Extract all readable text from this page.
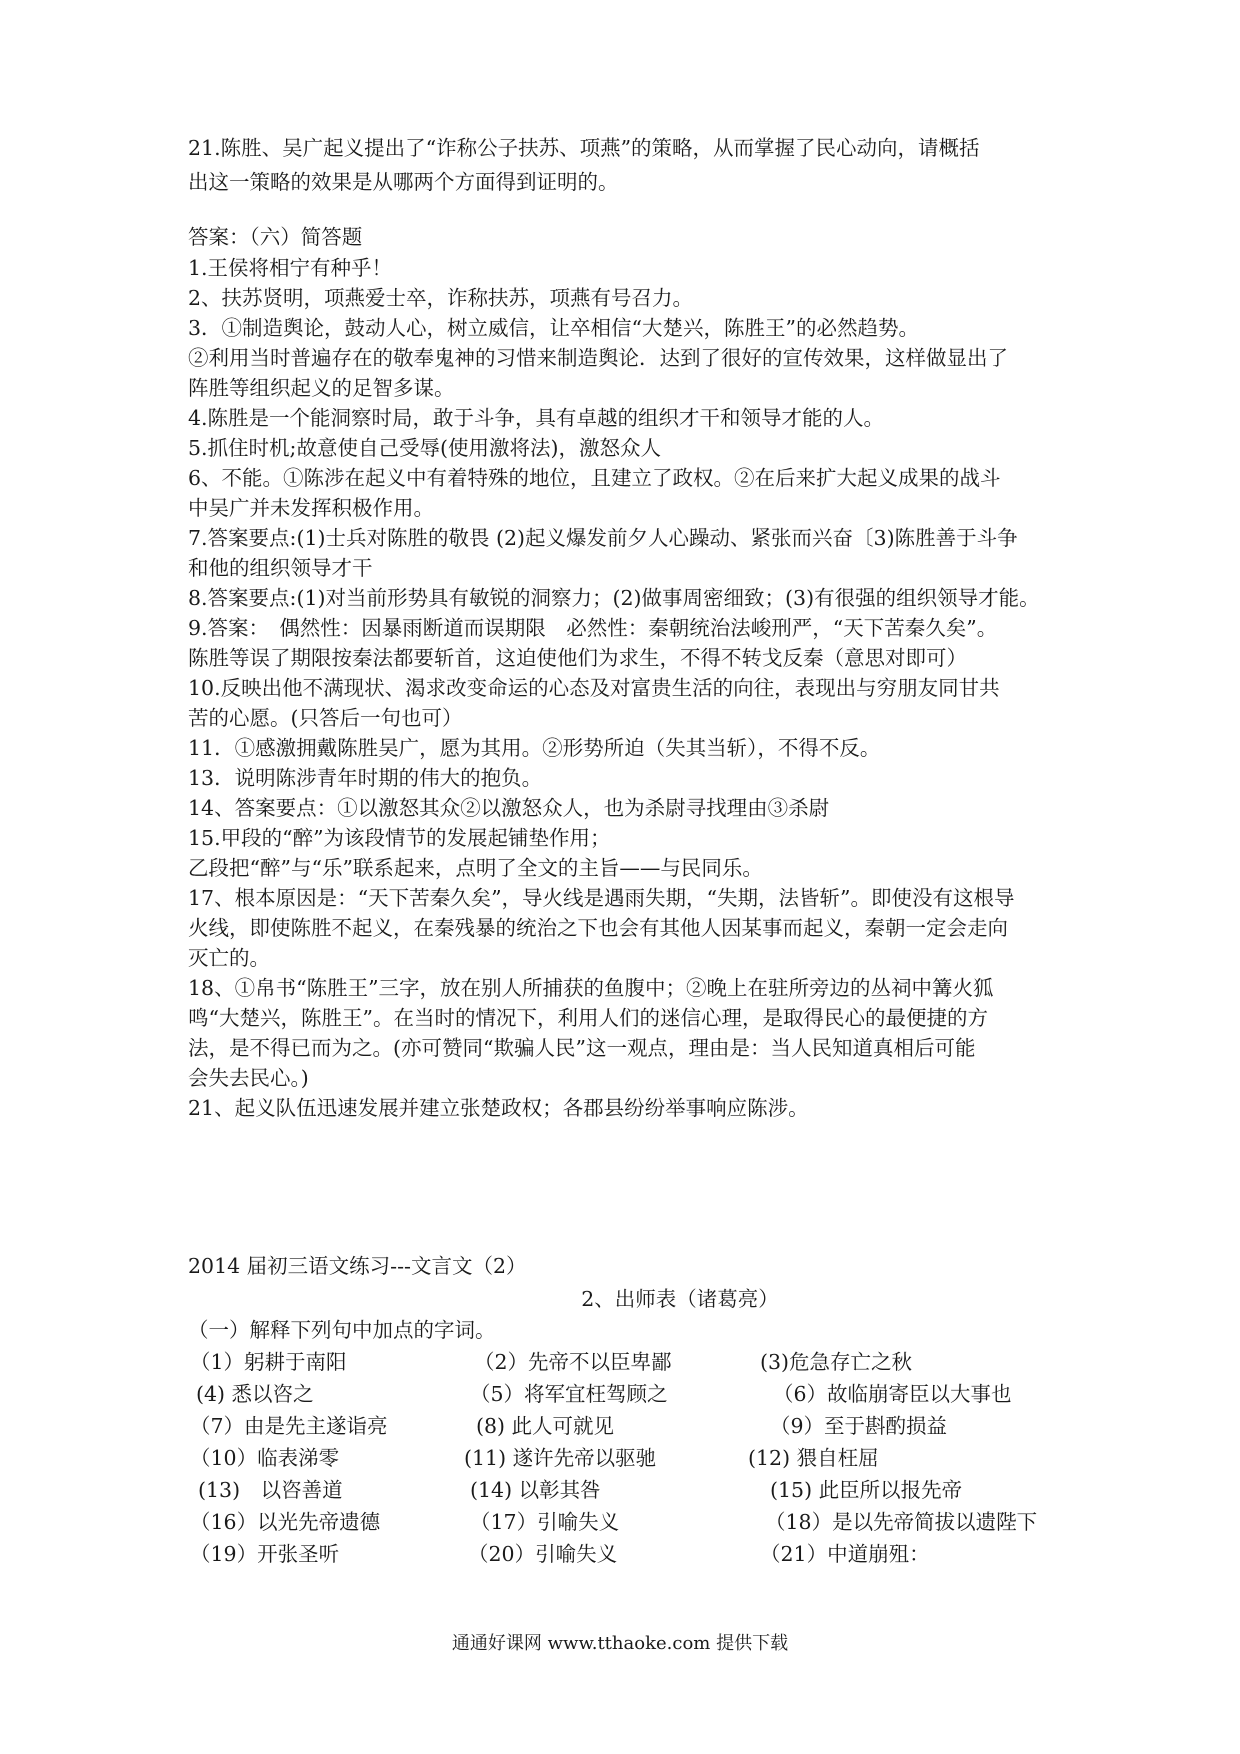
21.陈胜、吴广起义提出了“诈称公子扶苏、项燕”的策略，从而掌握了民心动向，请概括
出这一策略的效果是从哪两个方面得到证明的。
答案：（六）简答题
1.王侯将相宁有种乎！
2、扶苏贤明，项燕爱士卒，诈称扶苏，项燕有号召力。
3．①制造舆论，鼓动人心，树立威信，让卒相信“大楚兴，陈胜王”的必然趋势。
②利用当时普遍存在的敬奉鬼神的习惜来制造舆论．达到了很好的宣传效果，这样做显出了
阵胜等组织起义的足智多谋。
4.陈胜是一个能洞察时局，敢于斗争，具有卓越的组织才干和领导才能的人。
5.抓住时机;故意使自己受辱(使用激将法)，激怒众人
6、不能。①陈涉在起义中有着特殊的地位，且建立了政权。②在后来扩大起义成果的战斗
中吴广并未发挥积极作用。
7.答案要点:(1)士兵对陈胜的敬畏 (2)起义爆发前夕人心躁动、紧张而兴奋〔3)陈胜善于斗争
和他的组织领导才干
8.答案要点:(1)对当前形势具有敏锐的洞察力；(2)做事周密细致；(3)有很强的组织领导才能。
9.答案：　偶然性：因暴雨断道而误期限　必然性：秦朝统治法峻刑严，“天下苦秦久矣”。
陈胜等误了期限按秦法都要斩首，这迫使他们为求生，不得不转戈反秦（意思对即可）
10.反映出他不满现状、渴求改变命运的心态及对富贵生活的向往，表现出与穷朋友同甘共
苦的心愿。(只答后一句也可）
11．①感激拥戴陈胜吴广，愿为其用。②形势所迫（失其当斩），不得不反。
13．说明陈涉青年时期的伟大的抱负。
14、答案要点：①以激怒其众②以激怒众人，也为杀尉寻找理由③杀尉
15.甲段的“醉”为该段情节的发展起铺垫作用；
乙段把“醉”与“乐”联系起来，点明了全文的主旨——与民同乐。
17、根本原因是：“天下苦秦久矣”，导火线是遇雨失期，“失期，法皆斩”。即使没有这根导
火线，即使陈胜不起义，在秦残暴的统治之下也会有其他人因某事而起义，秦朝一定会走向
灭亡的。
18、①帛书“陈胜王”三字，放在别人所捕获的鱼腹中；②晚上在驻所旁边的丛祠中篝火狐
鸣“大楚兴，陈胜王”。在当时的情况下，利用人们的迷信心理，是取得民心的最便捷的方
法，是不得已而为之。(亦可赞同“欺骗人民”这一观点，理由是：当人民知道真相后可能
会失去民心。)
21、起义队伍迅速发展并建立张楚政权；各郡县纷纷举事响应陈涉。
2014 届初三语文练习---文言文（2）
2、出师表（诸葛亮）
（一）解释下列句中加点的字词。
（1）躬耕于南阳	（2）先帝不以臣卑鄙	(3)危急存亡之秋
(4) 悉以咨之	（5）将军宜枉驾顾之	（6）故临崩寄臣以大事也
（7）由是先主遂诣亮	(8) 此人可就见	（9）至于斟酌损益
（10）临表涕零	(11) 遂许先帝以驱驰	(12) 猥自枉屈
(13)　以咨善道	(14) 以彰其咎	(15) 此臣所以报先帝
（16）以光先帝遗德	（17）引喻失义	（18）是以先帝简拔以遗陛下
（19）开张圣听	（20）引喻失义	（21）中道崩殂：
通通好课网 www.tthaoke.com 提供下载
